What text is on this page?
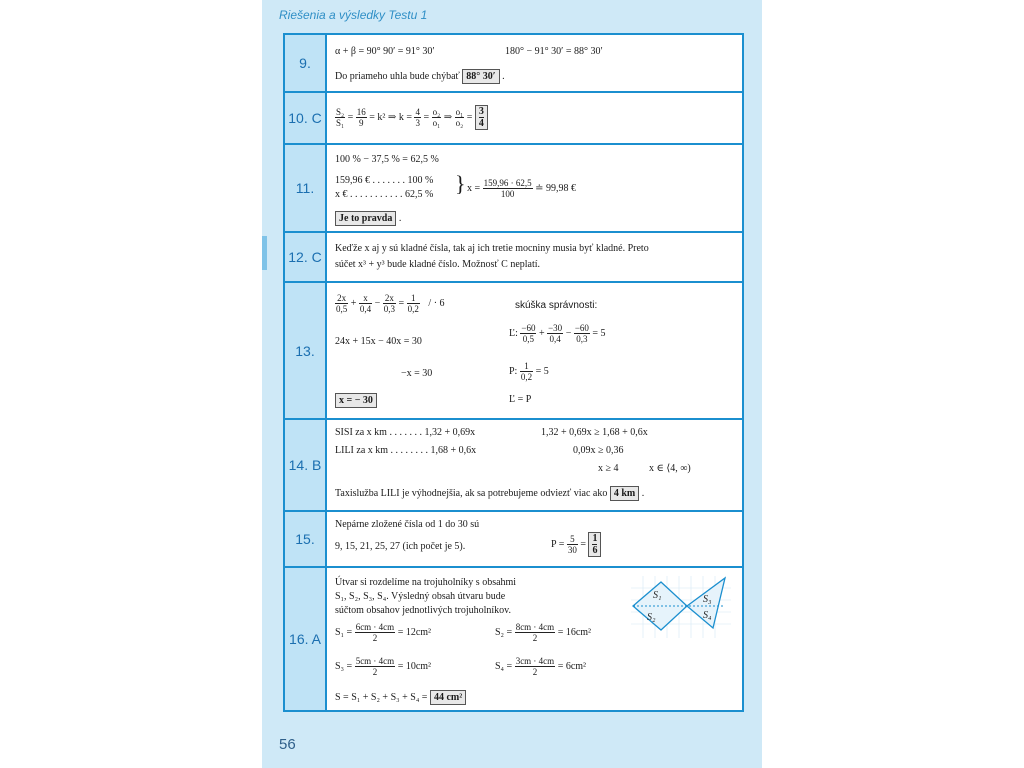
Riešenia a výsledky Testu 1
9.
α + β = 90° 90′ = 91° 30′	180° − 91° 30′ = 88° 30′
Do priameho uhla bude chýbať 88° 30′ .
10. C	$\frac{\text{S₂}}{\text{S₁}} = \frac{16}{9} = k^2$ ⇒ $k = \frac{4}{3} = \frac{\text{o₂}}{\text{o₁}}$ ⇒ $\frac{\text{o₁}}{\text{o₂}} = \frac{3}{4}$
11.
100 % − 37,5 % = 62,5 %
159,96 € . . . . . . . 100 %
x € . . . . . . . . . . . 62,5 % } $x = \frac{159,96 \cdot 62,5}{100}$ ≐ 99,98 €
Je to pravda .
12. C
Keďže x aj y sú kladné čísla, tak aj ich tretie mocniny musia byť kladné. Preto
súčet x³ + y³ bude kladné číslo. Možnosť C neplatí.
13.
$\frac{2x}{0,5} + \frac{x}{0,4} - \frac{2x}{0,3} = \frac{1}{0,2}$ / · 6
24x + 15x − 40x = 30
−x = 30
x = − 30
skúška správnosti:
Ľ: $\frac{-60}{0,5} + \frac{-30}{0,4} - \frac{-60}{0,3} = 5$
P: $\frac{1}{0,2} = 5$
Ľ = P
14. B
SISI za x km . . . . . . . 1,32 + 0,69x
LILI za x km . . . . . . . . 1,68 + 0,6x
1,32 + 0,69x ≥ 1,68 + 0,6x
0,09x ≥ 0,36
x ≥ 4	x ∈ ⟨4, ∞)
Taxislužba LILI je výhodnejšia, ak sa potrebujeme odviezť viac ako 4 km .
15.
Nepárne zložené čísla od 1 do 30 sú
9, 15, 21, 25, 27 (ich počet je 5).	$P = \frac{5}{30} = \frac{1}{6}$
16. A
Útvar si rozdelíme na trojuholníky s obsahmi
S₁, S₂, S₃, S₄. Výsledný obsah útvaru bude
súčtom obsahov jednotlivých trojuholníkov.
$S_1 = \frac{6cm \cdot 4cm}{2} = 12cm^2$	$S_2 = \frac{8cm \cdot 4cm}{2} = 16cm^2$
$S_3 = \frac{5cm \cdot 4cm}{2} = 10cm^2$	$S_4 = \frac{3cm \cdot 4cm}{2} = 6cm^2$
S = S₁ + S₂ + S₃ + S₄ = 44 cm²
S₁
S₂
S₃
S₄
56
